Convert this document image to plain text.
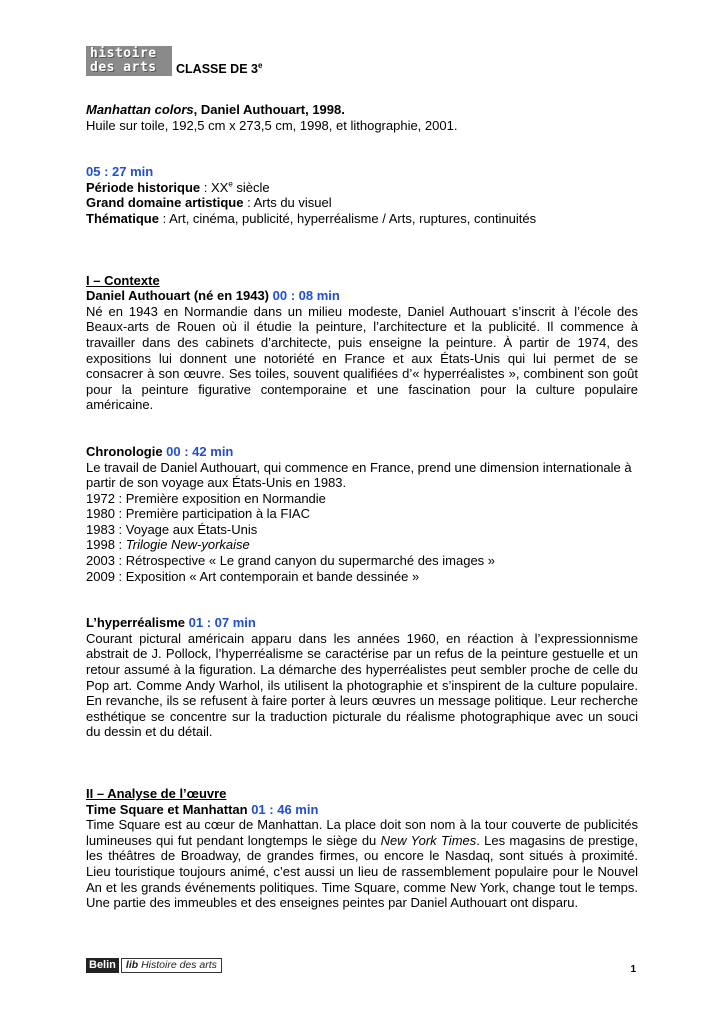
histoire
des arts CLASSE DE 3e

Manhattan colors, Daniel Authouart, 1998.

Huile sur toile, 192,5 cm x 273,5 cm, 1998, et lithographie, 2001.

05 : 27 min

Période historique : XXe siècle

Grand domaine artistique : Arts du visuel

Thématique : Art, cinéma, publicité, hyperréalisme / Arts, ruptures, continuités

I – Contexte

Daniel Authouart (né en 1943) 00 : 08 min

Né en 1943 en Normandie dans un milieu modeste, Daniel Authouart s’inscrit à l’école des Beaux-arts de Rouen où il étudie la peinture, l’architecture et la publicité. Il commence à travailler dans des cabinets d’architecte, puis enseigne la peinture. À partir de 1974, des expositions lui donnent une notoriété en France et aux États-Unis qui lui permet de se consacrer à son œuvre. Ses toiles, souvent qualifiées d’« hyperréalistes », combinent son goût pour la peinture figurative contemporaine et une fascination pour la culture populaire américaine.

Chronologie 00 : 42 min

Le travail de Daniel Authouart, qui commence en France, prend une dimension internationale à partir de son voyage aux États-Unis en 1983.

1972 : Première exposition en Normandie

1980 : Première participation à la FIAC

1983 : Voyage aux États-Unis

1998 : Trilogie New-yorkaise

2003 : Rétrospective « Le grand canyon du supermarché des images »

2009 : Exposition « Art contemporain et bande dessinée »

L’hyperréalisme 01 : 07 min

Courant pictural américain apparu dans les années 1960, en réaction à l’expressionnisme abstrait de J. Pollock, l’hyperréalisme se caractérise par un refus de la peinture gestuelle et un retour assumé à la figuration. La démarche des hyperréalistes peut sembler proche de celle du Pop art. Comme Andy Warhol, ils utilisent la photographie et s’inspirent de la culture populaire. En revanche, ils se refusent à faire porter à leurs œuvres un message politique. Leur recherche esthétique se concentre sur la traduction picturale du réalisme photographique avec un souci du dessin et du détail.

II – Analyse de l’œuvre

Time Square et Manhattan 01 : 46 min

Time Square est au cœur de Manhattan. La place doit son nom à la tour couverte de publicités lumineuses qui fut pendant longtemps le siège du New York Times. Les magasins de prestige, les théâtres de Broadway, de grandes firmes, ou encore le Nasdaq, sont situés à proximité. Lieu touristique toujours animé, c’est aussi un lieu de rassemblement populaire pour le Nouvel An et les grands événements politiques. Time Square, comme New York, change tout le temps. Une partie des immeubles et des enseignes peintes par Daniel Authouart ont disparu.

Belin lib Histoire des arts	1
